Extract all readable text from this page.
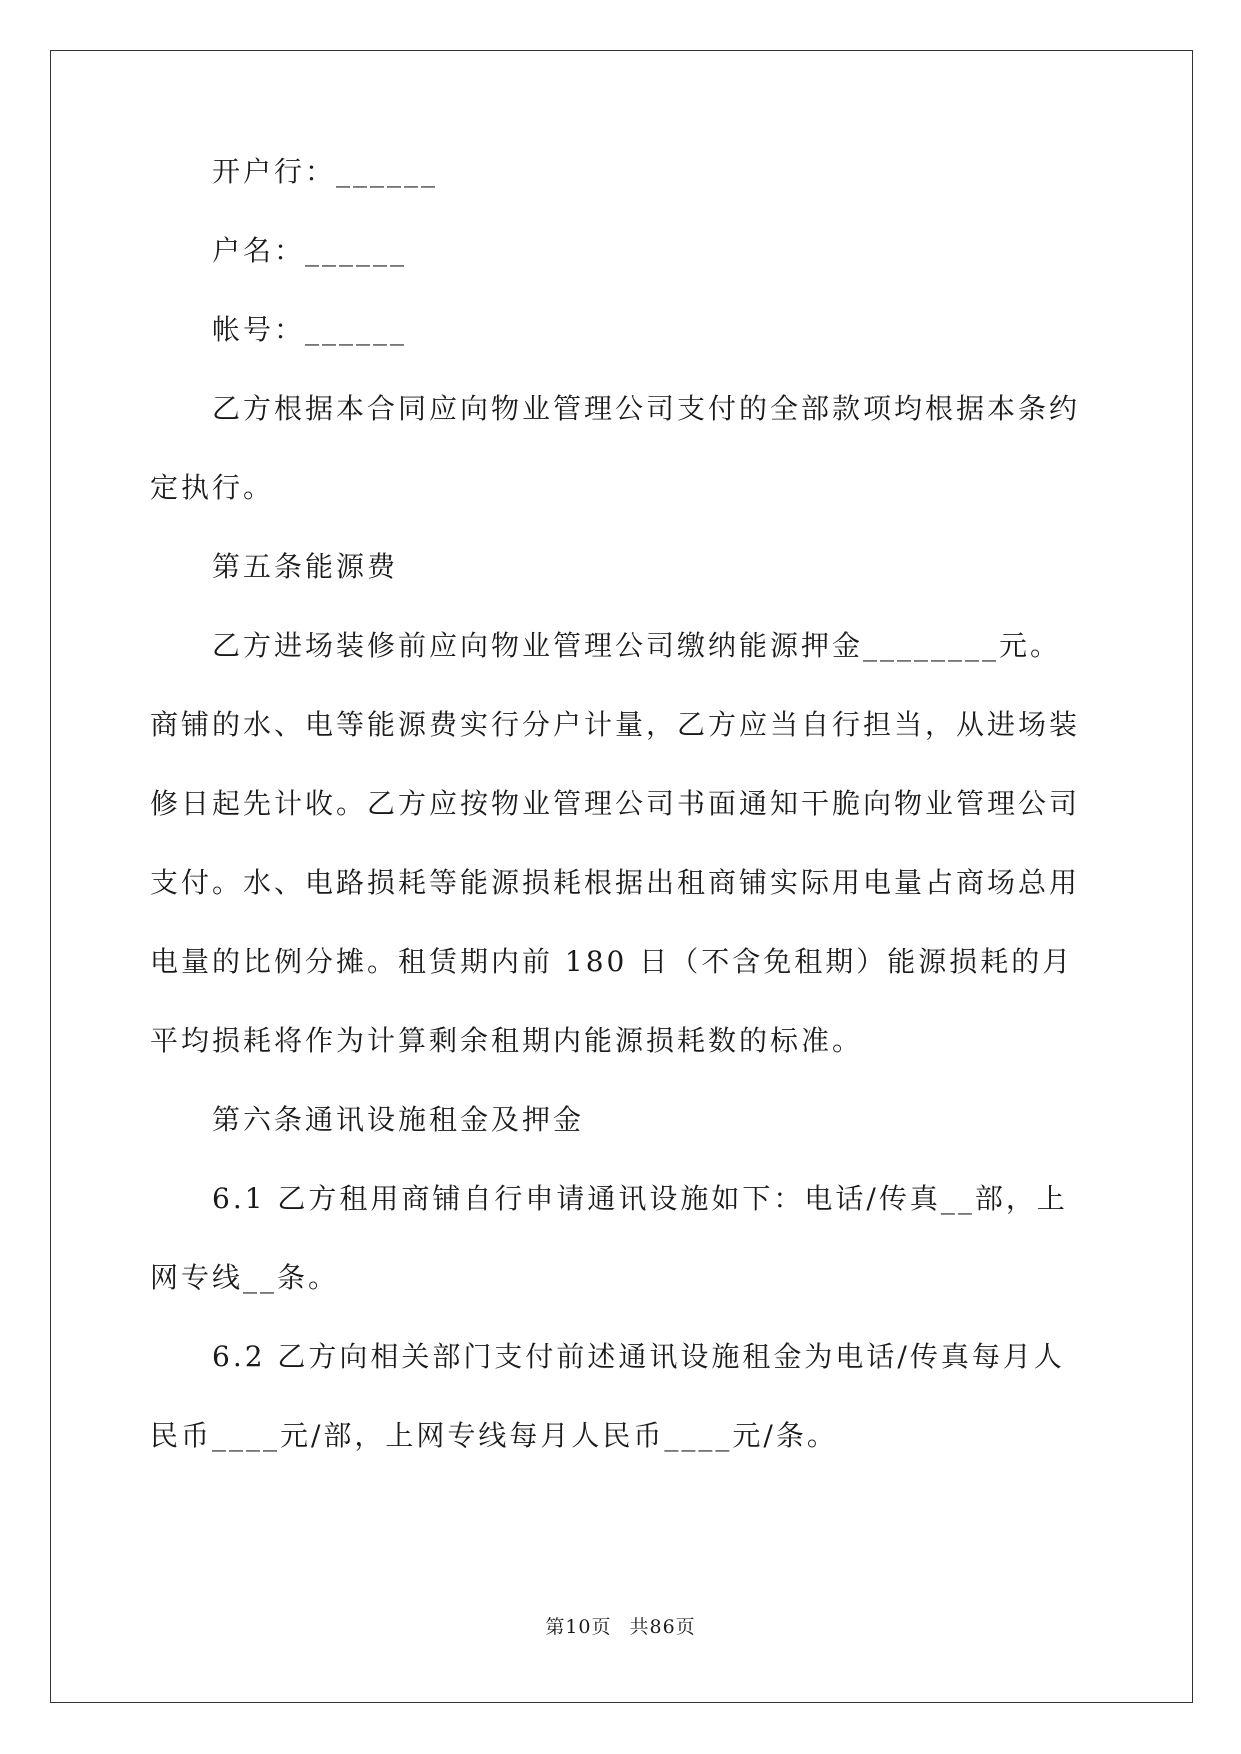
开户行：______

户名：______

帐号：______

乙方根据本合同应向物业管理公司支付的全部款项均根据本条约定执行。

第五条能源费

乙方进场装修前应向物业管理公司缴纳能源押金________元。商铺的水、电等能源费实行分户计量，乙方应当自行担当，从进场装修日起先计收。乙方应按物业管理公司书面通知干脆向物业管理公司支付。水、电路损耗等能源损耗根据出租商铺实际用电量占商场总用电量的比例分摊。租赁期内前 180 日（不含免租期）能源损耗的月平均损耗将作为计算剩余租期内能源损耗数的标准。

第六条通讯设施租金及押金

6.1 乙方租用商铺自行申请通讯设施如下：电话/传真__部，上网专线__条。

6.2 乙方向相关部门支付前述通讯设施租金为电话/传真每月人民币____元/部，上网专线每月人民币____元/条。

第10页 共86页
